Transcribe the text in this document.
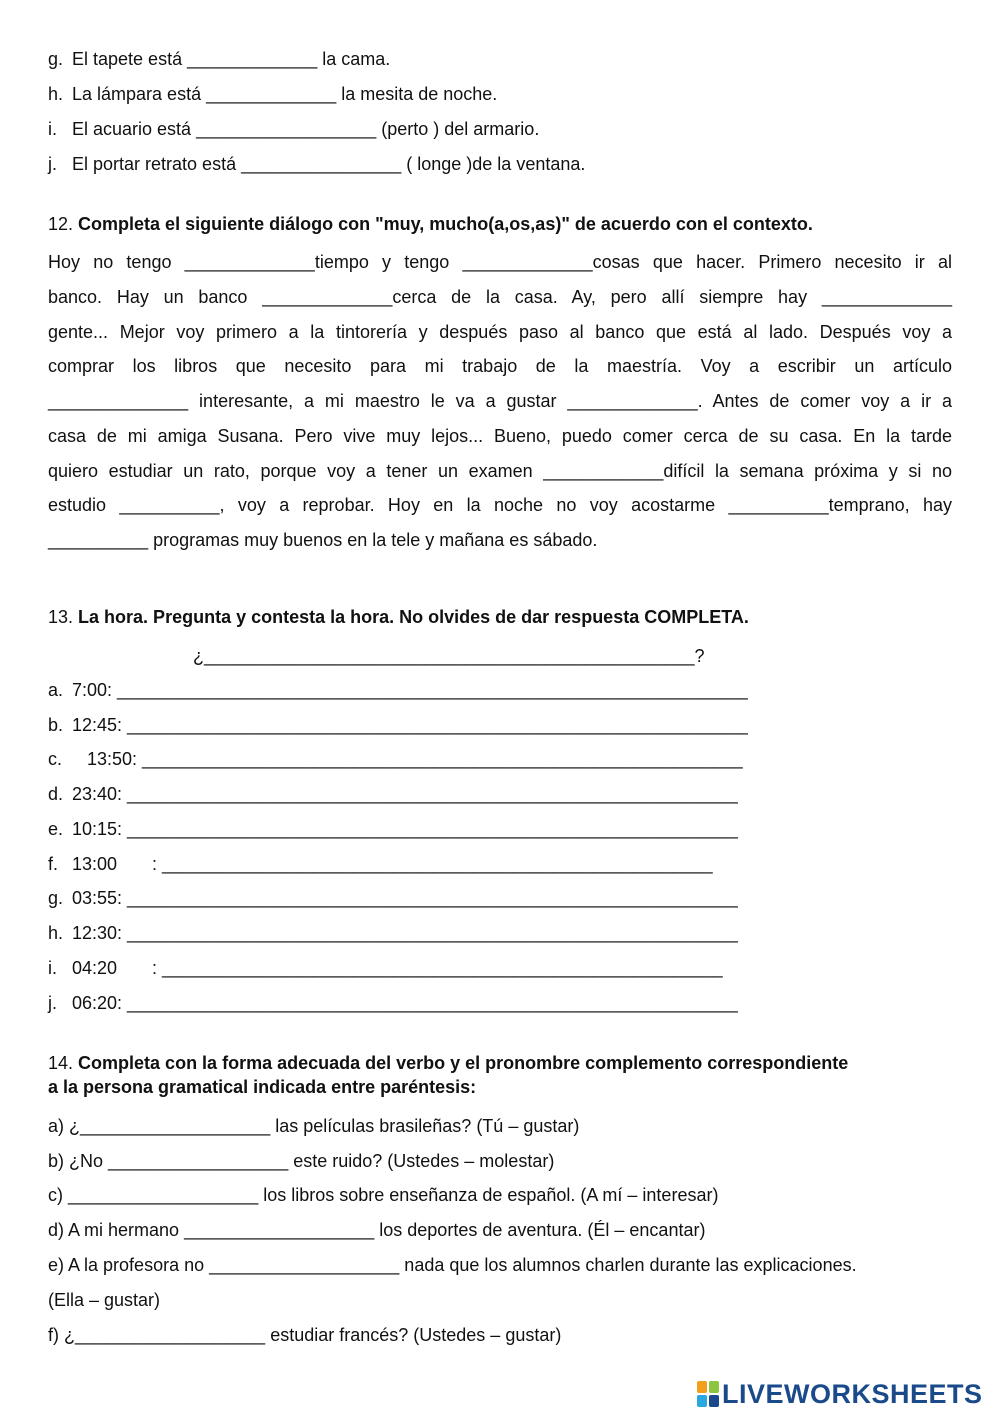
g. El tapete está _____________ la cama.
h. La lámpara está _____________ la mesita de noche.
i. El acuario está __________________ (perto ) del armario.
j. El portar retrato está ________________ ( longe )de la ventana.
12. Completa el siguiente diálogo con "muy, mucho(a,os,as)" de acuerdo con el contexto.
Hoy no tengo _____________tiempo y tengo _____________cosas que hacer. Primero necesito ir al
banco. Hay un banco _____________cerca de la casa. Ay, pero allí siempre hay _____________
gente... Mejor voy primero a la tintorería y después paso al banco que está al lado. Después voy a
comprar los libros que necesito para mi trabajo de la maestría. Voy a escribir un artículo
______________ interesante, a mi maestro le va a gustar _____________. Antes de comer voy a ir a
casa de mi amiga Susana. Pero vive muy lejos... Bueno, puedo comer cerca de su casa. En la tarde
quiero estudiar un rato, porque voy a tener un examen ____________difícil la semana próxima y si no
estudio __________, voy a reprobar. Hoy en la noche no voy acostarme __________temprano, hay
__________ programas muy buenos en la tele y mañana es sábado.
13. La hora. Pregunta y contesta la hora. No olvides de dar respuesta COMPLETA.
¿_________________________________________________?
a. 7:00: _______________________________________________________________
b. 12:45: ______________________________________________________________
c.   13:50: ____________________________________________________________
d. 23:40: _____________________________________________________________
e. 10:15: _____________________________________________________________
f. 13:00       : _______________________________________________________
g. 03:55: _____________________________________________________________
h. 12:30: _____________________________________________________________
i. 04:20       : ________________________________________________________
j. 06:20: _____________________________________________________________
14. Completa con la forma adecuada del verbo y el pronombre complemento correspondiente
a la persona gramatical indicada entre paréntesis:
a) ¿___________________ las películas brasileñas? (Tú – gustar)
b) ¿No __________________ este ruido? (Ustedes – molestar)
c) ___________________ los libros sobre enseñanza de español. (A mí – interesar)
d) A mi hermano ___________________ los deportes de aventura. (Él – encantar)
e) A la profesora no ___________________ nada que los alumnos charlen durante las explicaciones.
(Ella – gustar)
f) ¿___________________ estudiar francés? (Ustedes – gustar)
LIVEWORKSHEETS
